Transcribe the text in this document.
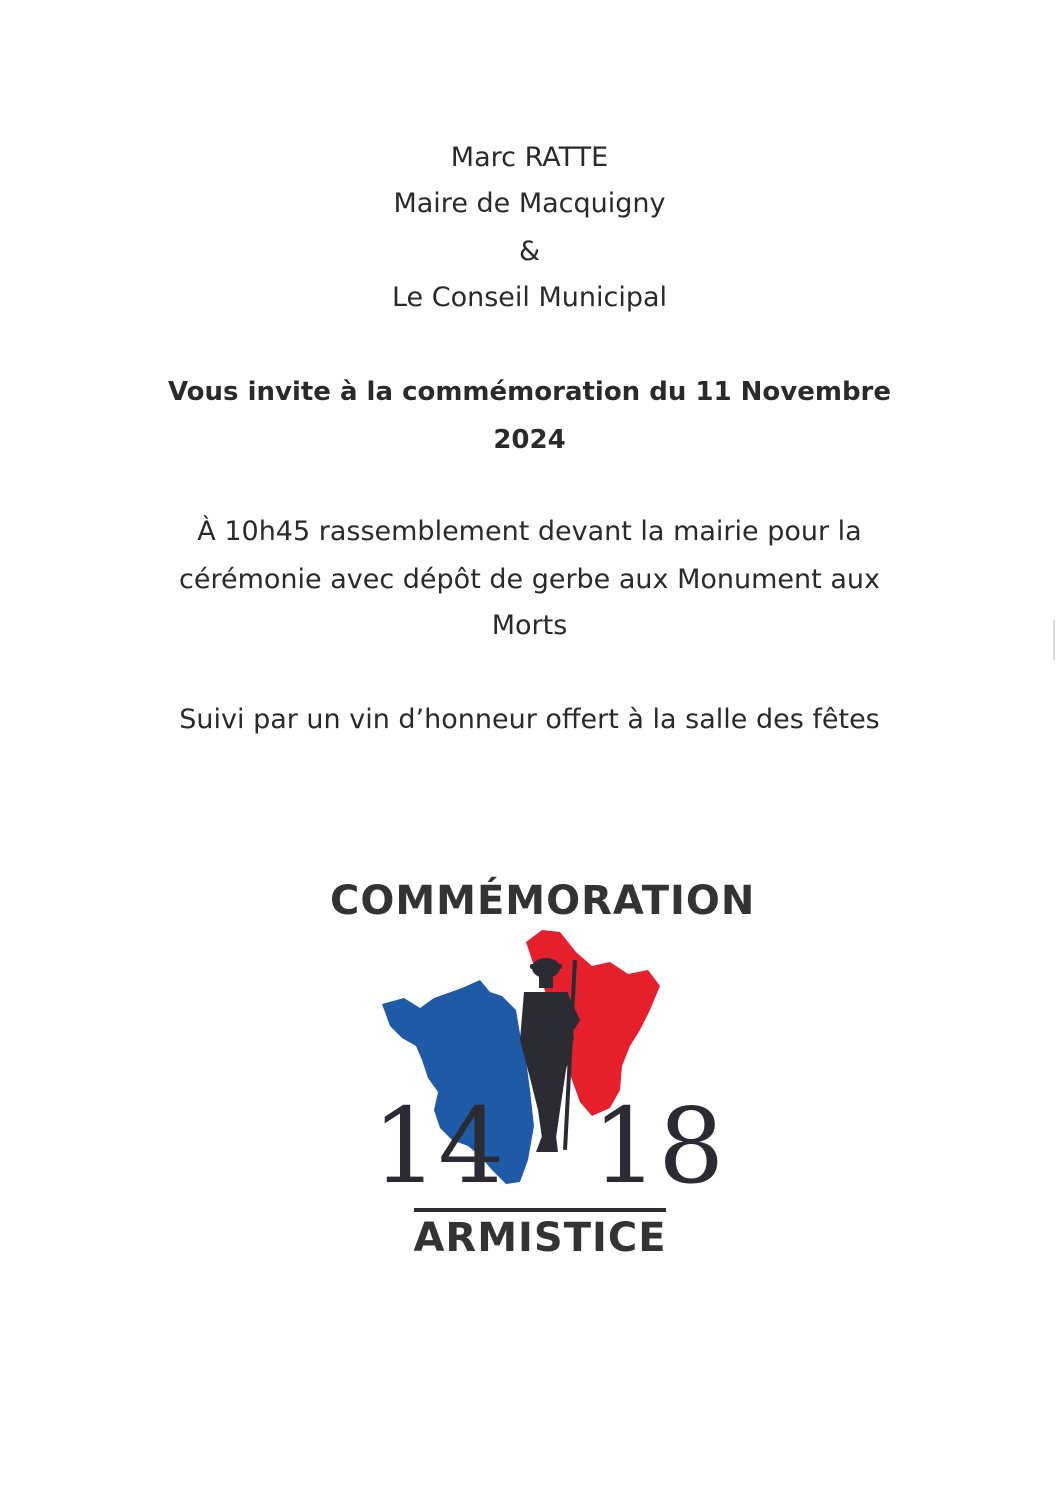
Marc RATTE
Maire de Macquigny
&
Le Conseil Municipal
Vous invite à la commémoration du 11 Novembre
2024
À 10h45 rassemblement devant la mairie pour la
cérémonie avec dépôt de gerbe aux Monument aux
Morts
Suivi par un vin d’honneur offert à la salle des fêtes
COMMÉMORATION
14 18
ARMISTICE
